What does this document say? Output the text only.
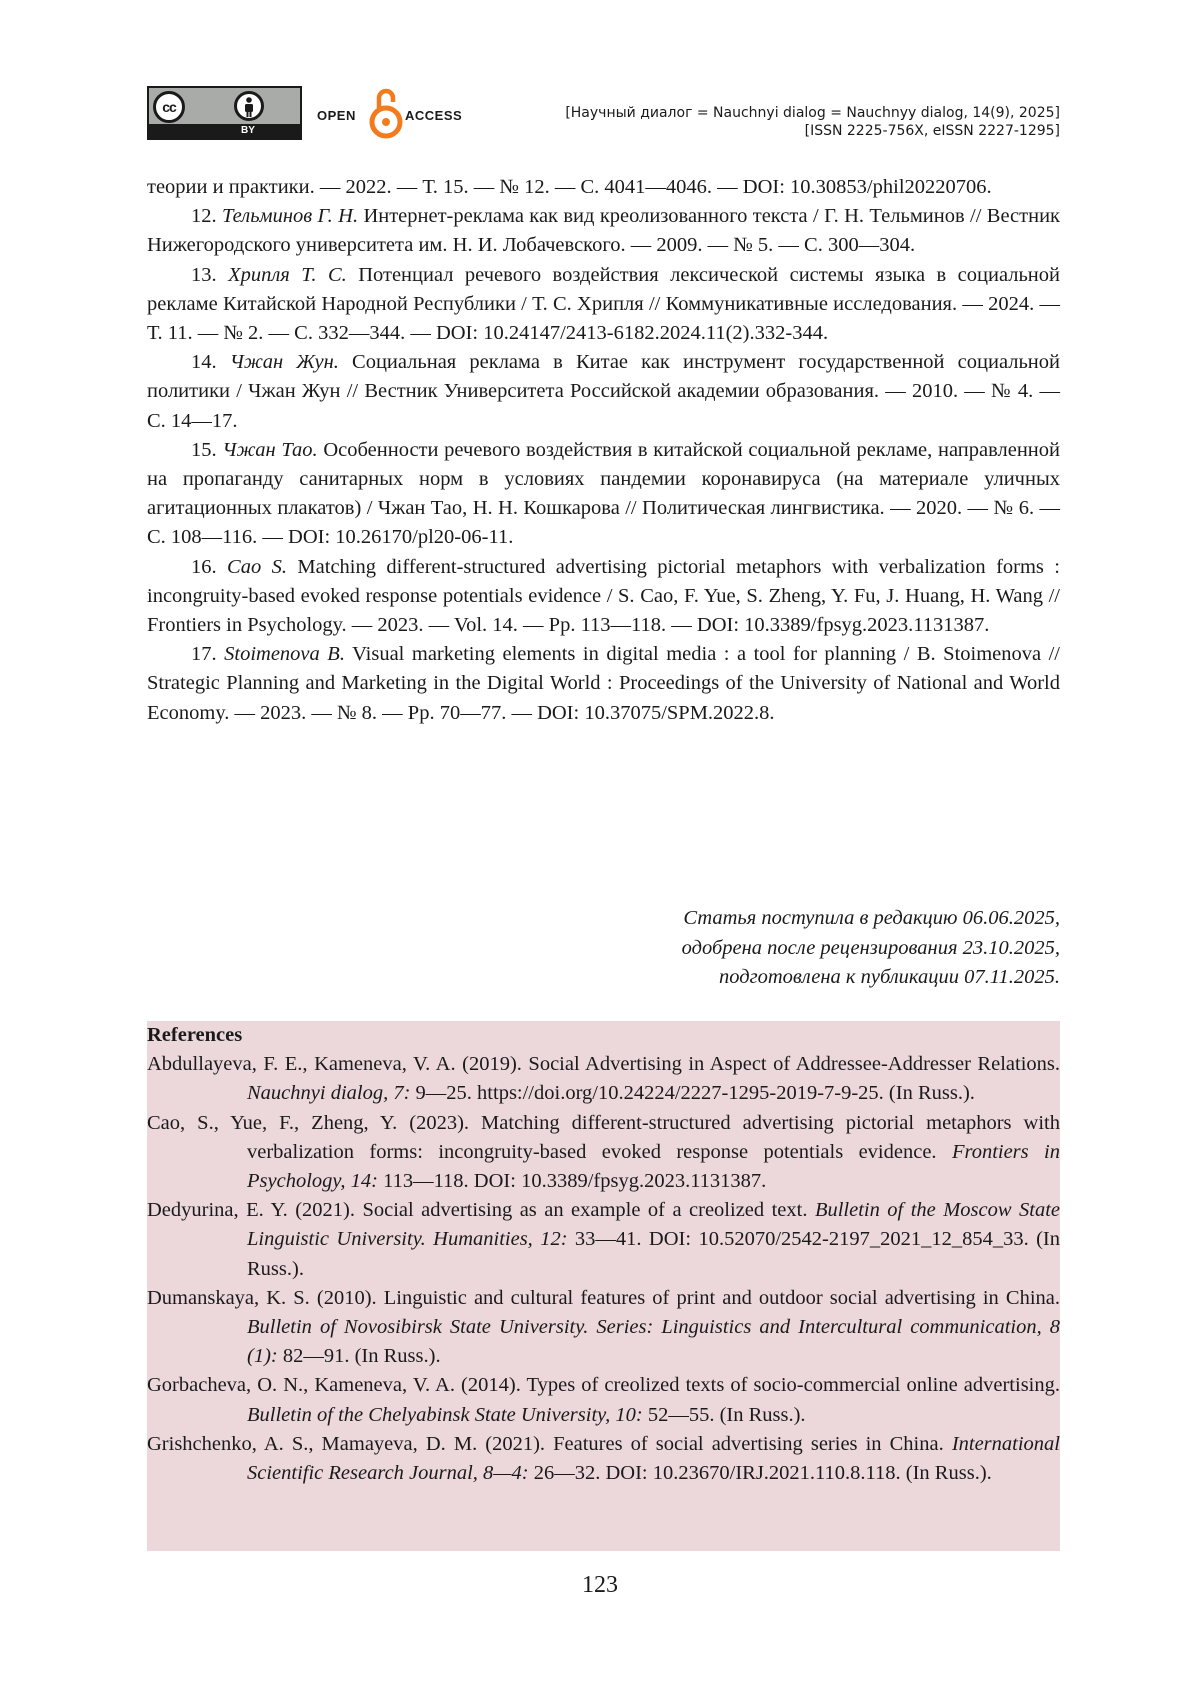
cc
BY
OPEN	ACCESS	[Научный диалог = Nauchnyi dialog = Nauchnyy dialog, 14(9), 2025]
[ISSN 2225-756X, eISSN 2227-1295]

теории и практики. — 2022. — Т. 15. — № 12. — С. 4041—4046. — DOI: 10.30853/phil20220706.

12. Тельминов Г. Н. Интернет-реклама как вид креолизованного текста / Г. Н. Тельминов // Вестник Нижегородского университета им. Н. И. Лобачевского. — 2009. — № 5. — С. 300—304.

13. Хрипля Т. С. Потенциал речевого воздействия лексической системы языка в социальной рекламе Китайской Народной Республики / Т. С. Хрипля // Коммуникативные исследования. — 2024. — Т. 11. — № 2. — С. 332—344. — DOI: 10.24147/2413-6182.2024.11(2).332-344.

14. Чжан Жун. Социальная реклама в Китае как инструмент государственной социальной политики / Чжан Жун // Вестник Университета Российской академии образования. — 2010. — № 4. — С. 14—17.

15. Чжан Тао. Особенности речевого воздействия в китайской социальной рекламе, направленной на пропаганду санитарных норм в условиях пандемии коронавируса (на материале уличных агитационных плакатов) / Чжан Тао, Н. Н. Кошкарова // Политическая лингвистика. — 2020. — № 6. — С. 108—116. — DOI: 10.26170/pl20-06-11.

16. Cao S. Matching different-structured advertising pictorial metaphors with verbalization forms : incongruity-based evoked response potentials evidence / S. Cao, F. Yue, S. Zheng, Y. Fu, J. Huang, H. Wang // Frontiers in Psychology. — 2023. — Vol. 14. — Pp. 113—118. — DOI: 10.3389/fpsyg.2023.1131387.

17. Stoimenova B. Visual marketing elements in digital media : a tool for planning / B. Stoimenova // Strategic Planning and Marketing in the Digital World : Proceedings of the University of National and World Economy. — 2023. — № 8. — Pp. 70—77. — DOI: 10.37075/SPM.2022.8.

Статья поступила в редакцию 06.06.2025,
одобрена после рецензирования 23.10.2025,
подготовлена к публикации 07.11.2025.

References

Abdullayeva, F. E., Kameneva, V. A. (2019). Social Advertising in Aspect of Addressee-Addresser Relations. Nauchnyi dialog, 7: 9—25. https://doi.org/10.24224/2227-1295-2019-7-9-25. (In Russ.).

Cao, S., Yue, F., Zheng, Y. (2023). Matching different-structured advertising pictorial metaphors with verbalization forms: incongruity-based evoked response potentials evidence. Frontiers in Psychology, 14: 113—118. DOI: 10.3389/fpsyg.2023.1131387.

Dedyurina, E. Y. (2021). Social advertising as an example of a creolized text. Bulletin of the Moscow State Linguistic University. Humanities, 12: 33—41. DOI: 10.52070/2542-2197_2021_12_854_33. (In Russ.).

Dumanskaya, K. S. (2010). Linguistic and cultural features of print and outdoor social advertising in China. Bulletin of Novosibirsk State University. Series: Linguistics and Intercultural communication, 8 (1): 82—91. (In Russ.).

Gorbacheva, O. N., Kameneva, V. A. (2014). Types of creolized texts of socio-commercial online advertising. Bulletin of the Chelyabinsk State University, 10: 52—55. (In Russ.).

Grishchenko, A. S., Mamayeva, D. M. (2021). Features of social advertising series in China. International Scientific Research Journal, 8—4: 26—32. DOI: 10.23670/IRJ.2021.110.8.118. (In Russ.).

123
